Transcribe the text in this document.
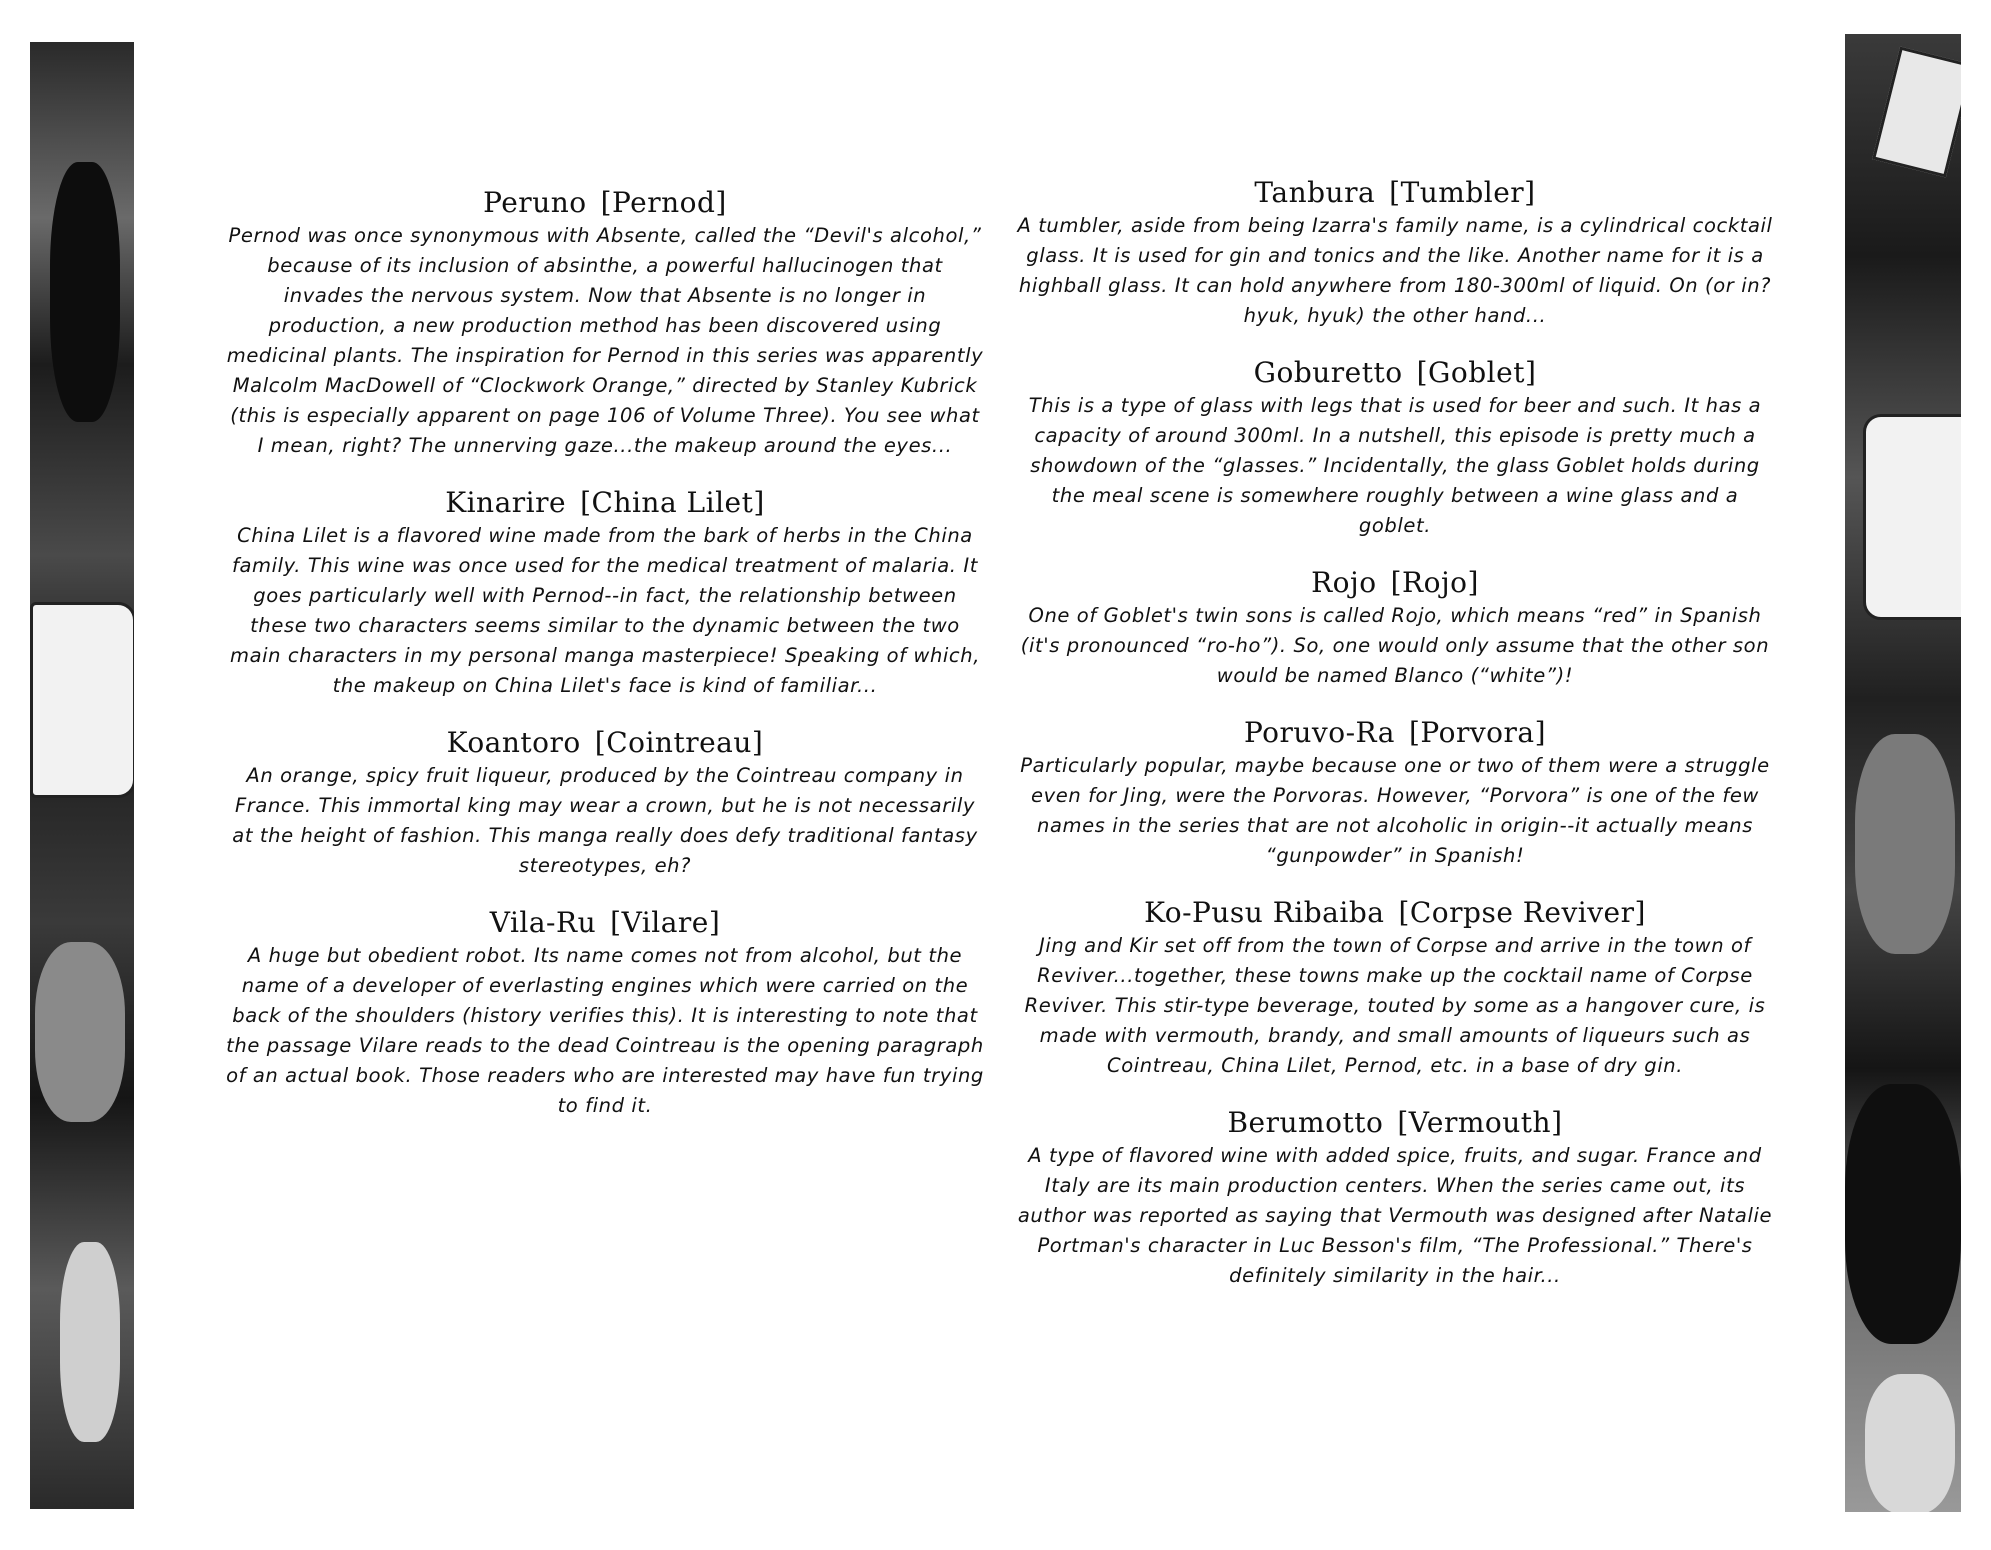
Peruno [Pernod]

Pernod was once synonymous with Absente, called the “Devil's alcohol,” because of its inclusion of absinthe, a powerful hallucinogen that invades the nervous system. Now that Absente is no longer in production, a new production method has been discovered using medicinal plants. The inspiration for Pernod in this series was apparently Malcolm MacDowell of “Clockwork Orange,” directed by Stanley Kubrick (this is especially apparent on page 106 of Volume Three). You see what I mean, right? The unnerving gaze...the makeup around the eyes...

Kinarire [China Lilet]

China Lilet is a flavored wine made from the bark of herbs in the China family. This wine was once used for the medical treatment of malaria. It goes particularly well with Pernod--in fact, the relationship between these two characters seems similar to the dynamic between the two main characters in my personal manga masterpiece! Speaking of which, the makeup on China Lilet's face is kind of familiar...

Koantoro [Cointreau]

An orange, spicy fruit liqueur, produced by the Cointreau company in France. This immortal king may wear a crown, but he is not necessarily at the height of fashion. This manga really does defy traditional fantasy stereotypes, eh?

Vila-Ru [Vilare]

A huge but obedient robot. Its name comes not from alcohol, but the name of a developer of everlasting engines which were carried on the back of the shoulders (history verifies this). It is interesting to note that the passage Vilare reads to the dead Cointreau is the opening paragraph of an actual book. Those readers who are interested may have fun trying to find it.

Tanbura [Tumbler]

A tumbler, aside from being Izarra's family name, is a cylindrical cocktail glass. It is used for gin and tonics and the like. Another name for it is a highball glass. It can hold anywhere from 180-300ml of liquid. On (or in? hyuk, hyuk) the other hand...

Goburetto [Goblet]

This is a type of glass with legs that is used for beer and such. It has a capacity of around 300ml. In a nutshell, this episode is pretty much a showdown of the “glasses.” Incidentally, the glass Goblet holds during the meal scene is somewhere roughly between a wine glass and a goblet.

Rojo [Rojo]

One of Goblet's twin sons is called Rojo, which means “red” in Spanish (it's pronounced “ro-ho”). So, one would only assume that the other son would be named Blanco (“white”)!

Poruvo-Ra [Porvora]

Particularly popular, maybe because one or two of them were a struggle even for Jing, were the Porvoras. However, “Porvora” is one of the few names in the series that are not alcoholic in origin--it actually means “gunpowder” in Spanish!

Ko-Pusu Ribaiba [Corpse Reviver]

Jing and Kir set off from the town of Corpse and arrive in the town of Reviver...together, these towns make up the cocktail name of Corpse Reviver. This stir-type beverage, touted by some as a hangover cure, is made with vermouth, brandy, and small amounts of liqueurs such as Cointreau, China Lilet, Pernod, etc. in a base of dry gin.

Berumotto [Vermouth]

A type of flavored wine with added spice, fruits, and sugar. France and Italy are its main production centers. When the series came out, its author was reported as saying that Vermouth was designed after Natalie Portman's character in Luc Besson's film, “The Professional.” There's definitely similarity in the hair...
